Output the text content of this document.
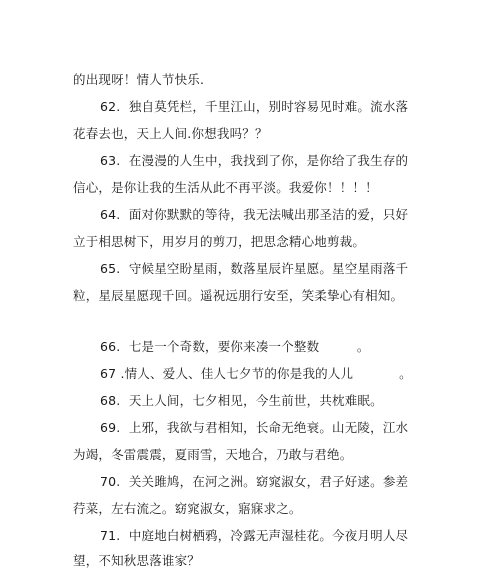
的出现呀！情人节快乐.
62.  独自莫凭栏，千里江山，别时容易见时难。流水落
花春去也，天上人间.你想我吗？？
63.  在漫漫的人生中，我找到了你，是你给了我生存的
信心，是你让我的生活从此不再平淡。我爱你！！！！
64.  面对你默默的等待，我无法喊出那圣洁的爱，只好
立于相思树下，用岁月的剪刀，把思念精心地剪裁。
65.  守候星空盼星雨，数落星辰许星愿。星空星雨落千
粒，星辰星愿现千回。遥祝远朋行安至，笑柔挚心有相知。
66.  七是一个奇数，要你来凑一个整数         。
67 .情人、爱人、佳人七夕节的你是我的人儿           。
68.  天上人间，七夕相见，今生前世，共枕难眠。
69.  上邪，我欲与君相知，长命无绝衰。山无陵，江水
为竭，冬雷震震，夏雨雪，天地合，乃敢与君绝。
70.  关关雎鸠，在河之洲。窈窕淑女，君子好逑。参差
荇菜，左右流之。窈窕淑女，寤寐求之。
71.  中庭地白树栖鸦，冷露无声湿桂花。今夜月明人尽
望，不知秋思落谁家？
